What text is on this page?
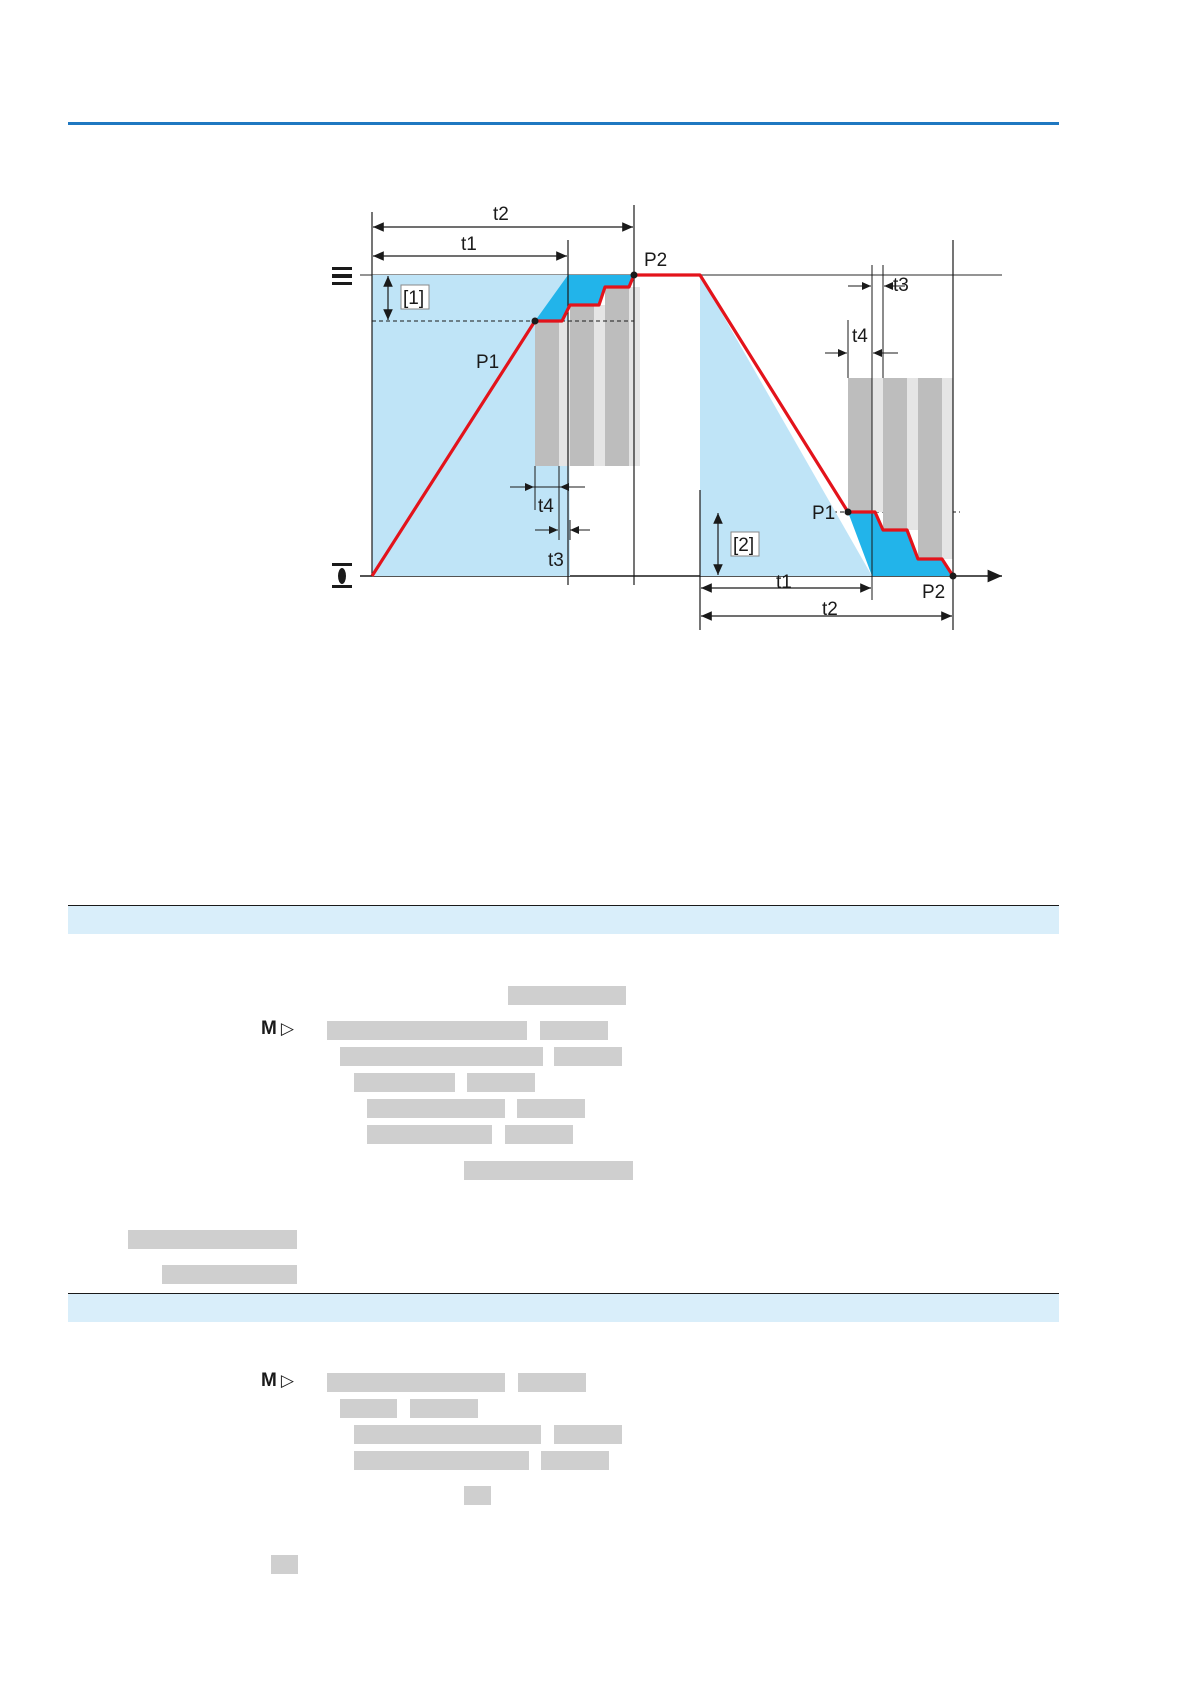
t2
t1
P2
[1]
P1
t4
t3
t3
t4
P1
[2]
t1	P2
t2
M ▷
M ▷
